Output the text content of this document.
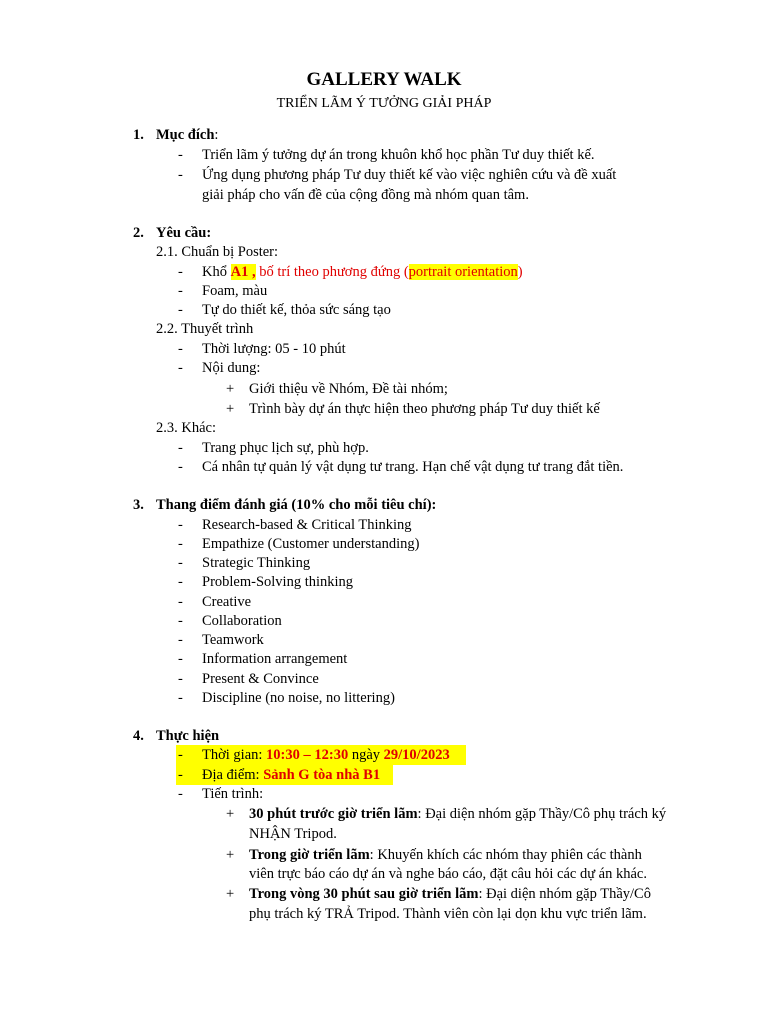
GALLERY WALK
TRIỂN LÃM Ý TƯỞNG GIẢI PHÁP
1. Mục đích:
- Triển lãm ý tưởng dự án trong khuôn khổ học phần Tư duy thiết kế.
- Ứng dụng phương pháp Tư duy thiết kế vào việc nghiên cứu và đề xuất
giải pháp cho vấn đề của cộng đồng mà nhóm quan tâm.
2. Yêu cầu:
2.1. Chuẩn bị Poster:
- Khổ A1 , bố trí theo phương đứng (portrait orientation)
- Foam, màu
- Tự do thiết kế, thỏa sức sáng tạo
2.2. Thuyết trình
- Thời lượng: 05 - 10 phút
- Nội dung:
+ Giới thiệu về Nhóm, Đề tài nhóm;
+ Trình bày dự án thực hiện theo phương pháp Tư duy thiết kế
2.3. Khác:
- Trang phục lịch sự, phù hợp.
- Cá nhân tự quản lý vật dụng tư trang. Hạn chế vật dụng tư trang đắt tiền.
3. Thang điểm đánh giá (10% cho mỗi tiêu chí):
- Research-based & Critical Thinking
- Empathize (Customer understanding)
- Strategic Thinking
- Problem-Solving thinking
- Creative
- Collaboration
- Teamwork
- Information arrangement
- Present & Convince
- Discipline (no noise, no littering)
4. Thực hiện
- Thời gian: 10:30 – 12:30 ngày 29/10/2023
- Địa điểm: Sảnh G tòa nhà B1
- Tiến trình:
+ 30 phút trước giờ triển lãm: Đại diện nhóm gặp Thầy/Cô phụ trách ký
NHẬN Tripod.
+ Trong giờ triển lãm: Khuyến khích các nhóm thay phiên các thành
viên trực báo cáo dự án và nghe báo cáo, đặt câu hỏi các dự án khác.
+ Trong vòng 30 phút sau giờ triển lãm: Đại diện nhóm gặp Thầy/Cô
phụ trách ký TRẢ Tripod. Thành viên còn lại dọn khu vực triển lãm.
